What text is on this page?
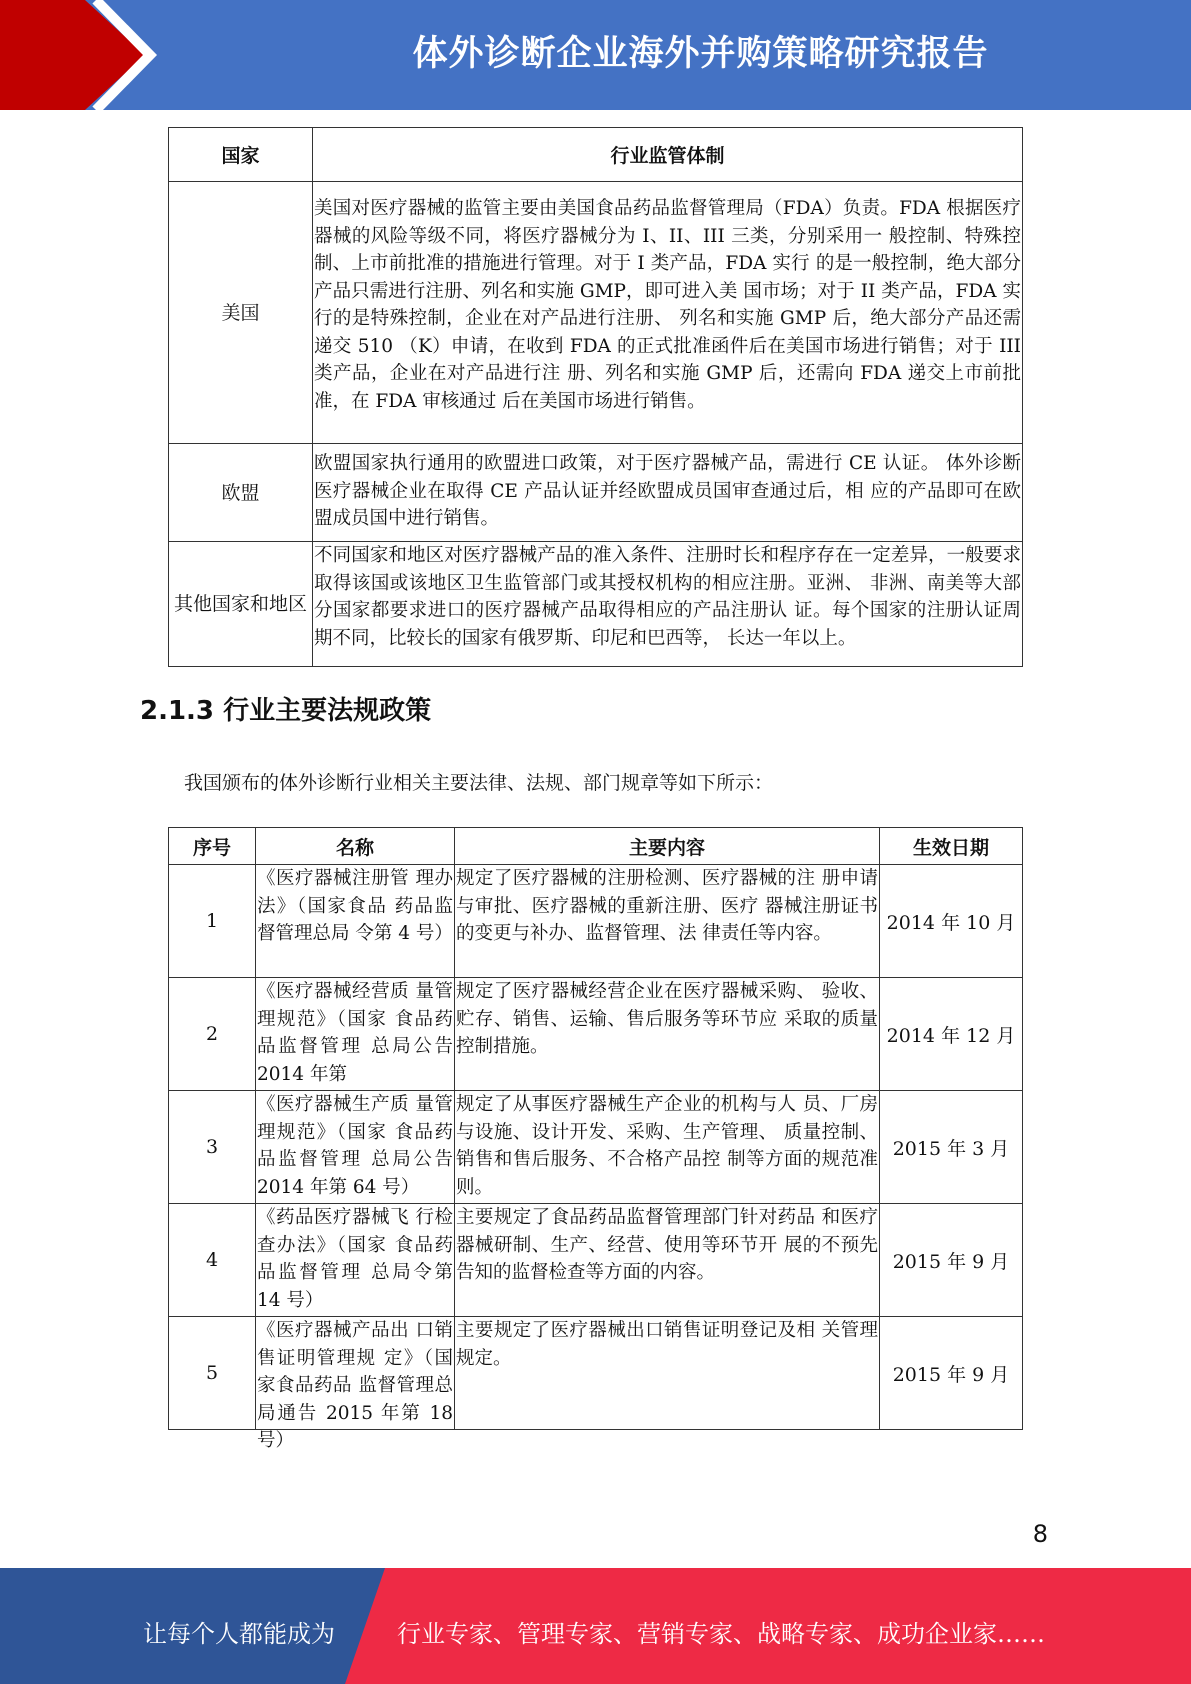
体外诊断企业海外并购策略研究报告
国家	行业监管体制
美国	美国对医疗器械的监管主要由美国食品药品监督管理局（FDA）负责。FDA 根据医疗器械的风险等级不同，将医疗器械分为 I、II、III 三类，分别采用一 般控制、特殊控制、上市前批准的措施进行管理。对于 I 类产品，FDA 实行 的是一般控制，绝大部分产品只需进行注册、列名和实施 GMP，即可进入美 国市场；对于 II 类产品，FDA 实行的是特殊控制，企业在对产品进行注册、 列名和实施 GMP 后，绝大部分产品还需递交 510 （K）申请，在收到 FDA 的正式批准函件后在美国市场进行销售；对于 III 类产品，企业在对产品进行注 册、列名和实施 GMP 后，还需向 FDA 递交上市前批准，在 FDA 审核通过 后在美国市场进行销售。

欧盟	欧盟国家执行通用的欧盟进口政策，对于医疗器械产品，需进行 CE 认证。 体外诊断医疗器械企业在取得 CE 产品认证并经欧盟成员国审查通过后，相 应的产品即可在欧盟成员国中进行销售。

其他国家和地区	不同国家和地区对医疗器械产品的准入条件、注册时长和程序存在一定差异，一般要求取得该国或该地区卫生监管部门或其授权机构的相应注册。亚洲、 非洲、南美等大部分国家都要求进口的医疗器械产品取得相应的产品注册认 证。每个国家的注册认证周期不同，比较长的国家有俄罗斯、印尼和巴西等， 长达一年以上。
2.1.3 行业主要法规政策
我国颁布的体外诊断行业相关主要法律、法规、部门规章等如下所示：
序号	名称	主要内容	生效日期
1	《医疗器械注册管 理办法》（国家食品 药品监督管理总局 令第 4 号）	规定了医疗器械的注册检测、医疗器械的注 册申请与审批、医疗器械的重新注册、医疗 器械注册证书的变更与补办、监督管理、法 律责任等内容。	2014 年 10 月
2	《医疗器械经营质 量管理规范》（国家 食品药品监督管理 总局公告 2014 年第	规定了医疗器械经营企业在医疗器械采购、 验收、贮存、销售、运输、售后服务等环节应 采取的质量控制措施。	2014 年 12 月
3	《医疗器械生产质 量管理规范》（国家 食品药品监督管理 总局公告 2014 年第 64 号）	规定了从事医疗器械生产企业的机构与人 员、厂房与设施、设计开发、采购、生产管理、 质量控制、销售和售后服务、不合格产品控 制等方面的规范准则。	2015 年 3 月
4	《药品医疗器械飞 行检查办法》（国家 食品药品监督管理 总局令第 14 号）	主要规定了食品药品监督管理部门针对药品 和医疗器械研制、生产、经营、使用等环节开 展的不预先告知的监督检查等方面的内容。	2015 年 9 月
5	《医疗器械产品出 口销售证明管理规 定》（国家食品药品 监督管理总局通告 2015 年第 18 号）	主要规定了医疗器械出口销售证明登记及相 关管理规定。	2015 年 9 月
8
让每个人都能成为	行业专家、管理专家、营销专家、战略专家、成功企业家……
